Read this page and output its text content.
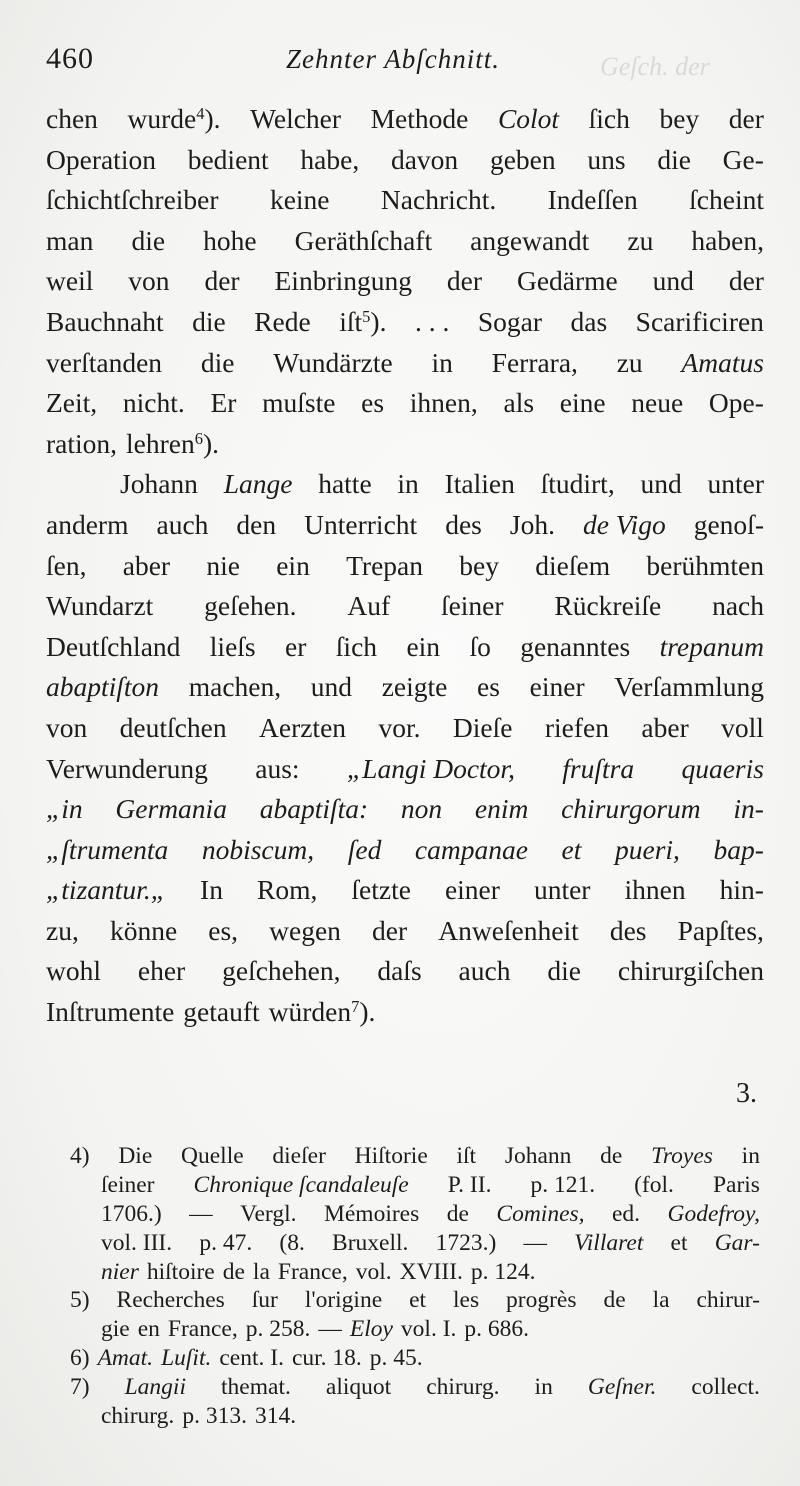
Geſch. der
460	Zehnter Abſchnitt.
chen wurde$^4$). Welcher Methode Colot ſich bey der
Operation bedient habe, davon geben uns die Ge-
ſchichtſchreiber keine Nachricht. Indeſſen ſcheint
man die hohe Geräthſchaft angewandt zu haben,
weil von der Einbringung der Gedärme und der
Bauchnaht die Rede iſt$^5$). . . . Sogar das Scarificiren
verſtanden die Wundärzte in Ferrara, zu Amatus
Zeit, nicht. Er muſste es ihnen, als eine neue Ope-
ration, lehren$^6$).
Johann Lange hatte in Italien ſtudirt, und unter
anderm auch den Unterricht des Joh. de Vigo genoſ-
ſen, aber nie ein Trepan bey dieſem berühmten
Wundarzt geſehen. Auf ſeiner Rückreiſe nach
Deutſchland lieſs er ſich ein ſo genanntes trepanum
abaptiſton machen, und zeigte es einer Verſammlung
von deutſchen Aerzten vor. Dieſe riefen aber voll
Verwunderung aus: „Langi Doctor, fruſtra quaeris
„in Germania abaptiſta: non enim chirurgorum in-
„ſtrumenta nobiscum, ſed campanae et pueri, bap-
„tizantur.„ In Rom, ſetzte einer unter ihnen hin-
zu, könne es, wegen der Anweſenheit des Papſtes,
wohl eher geſchehen, daſs auch die chirurgiſchen
Inſtrumente getauft würden$^7$).
3.
4) Die Quelle dieſer Hiſtorie iſt Johann de Troyes in
ſeiner Chronique ſcandaleuſe P. II. p. 121. (fol. Paris
1706.) — Vergl. Mémoires de Comines, ed. Godefroy,
vol. III. p. 47. (8. Bruxell. 1723.) — Villaret et Gar-
nier hiſtoire de la France, vol. XVIII. p. 124.
5) Recherches ſur l'origine et les progrès de la chirur-
gie en France, p. 258. — Eloy vol. I. p. 686.
6) Amat. Luſit. cent. I. cur. 18. p. 45.
7) Langii themat. aliquot chirurg. in Geſner. collect.
chirurg. p. 313. 314.
